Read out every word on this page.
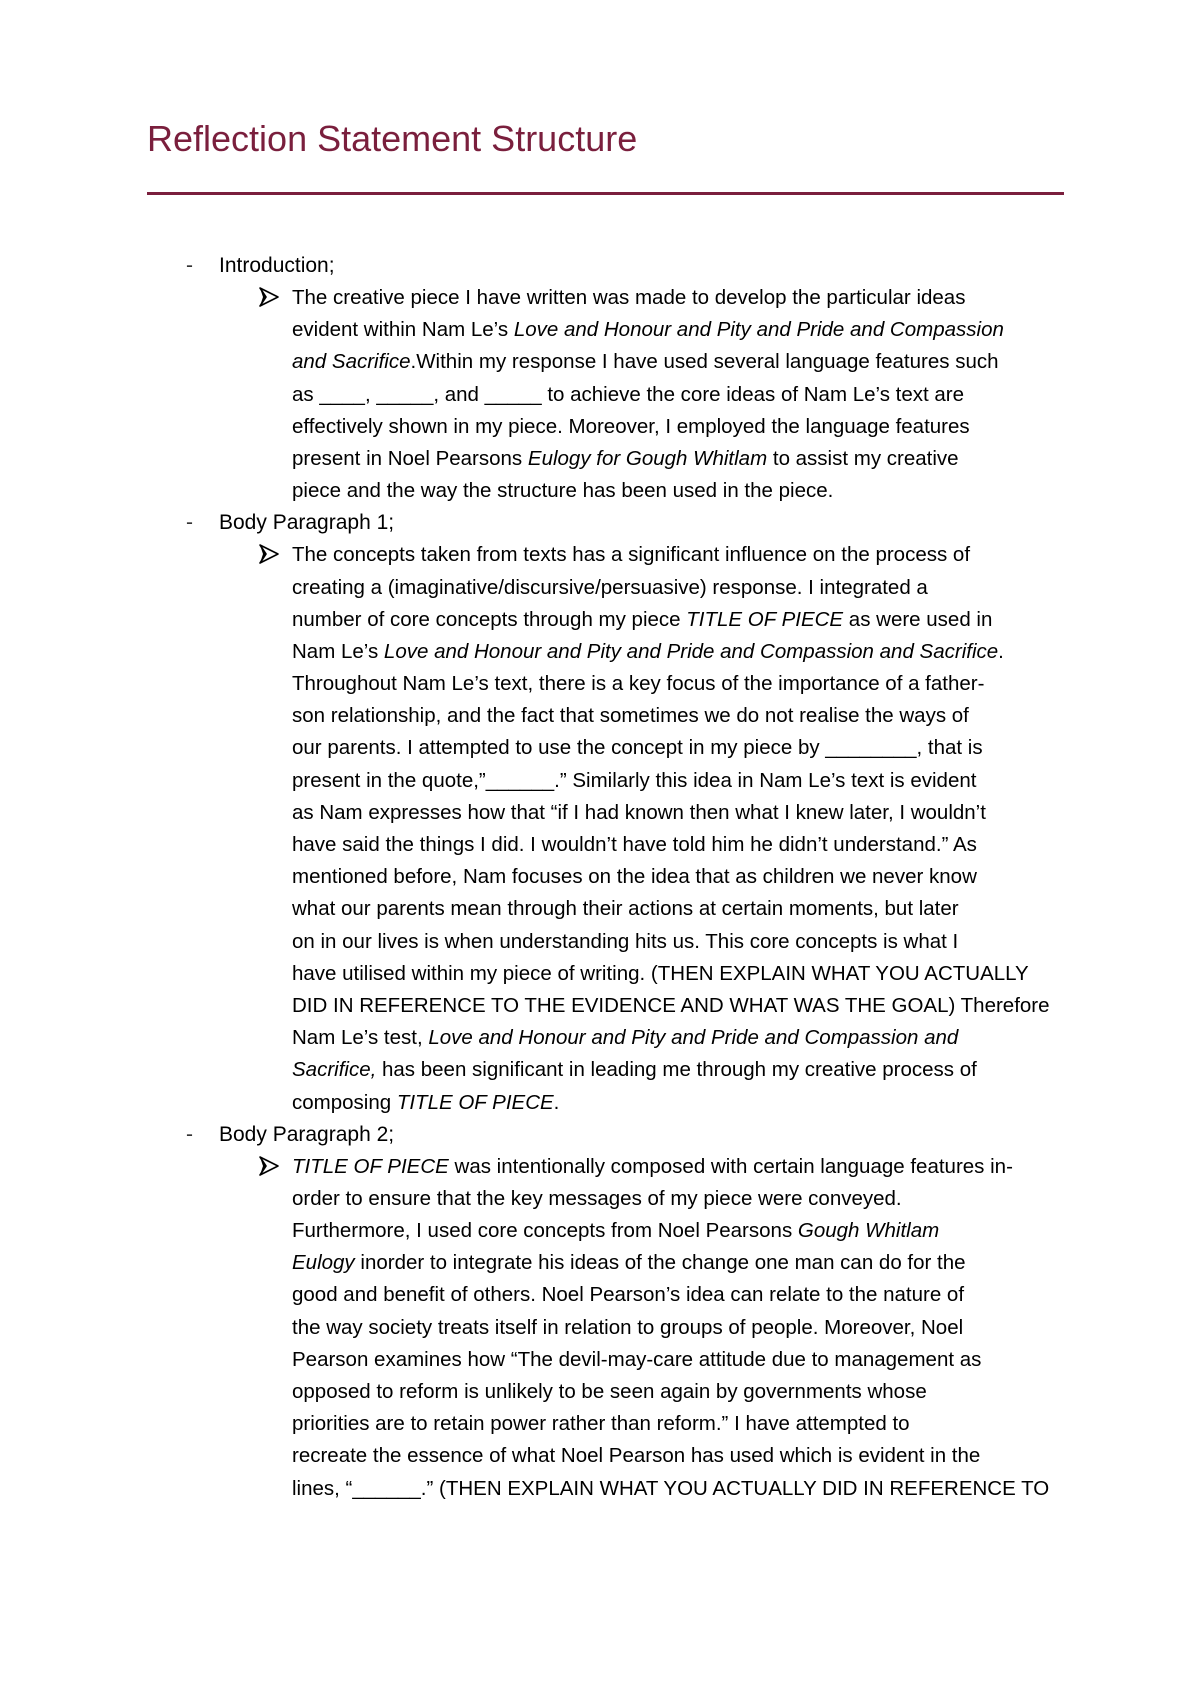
Reflection Statement Structure
- Introduction;
The creative piece I have written was made to develop the particular ideas
evident within Nam Le’s Love and Honour and Pity and Pride and Compassion
and Sacrifice.Within my response I have used several language features such
as ____, _____, and _____ to achieve the core ideas of Nam Le’s text are
effectively shown in my piece. Moreover, I employed the language features
present in Noel Pearsons Eulogy for Gough Whitlam to assist my creative
piece and the way the structure has been used in the piece.
- Body Paragraph 1;
The concepts taken from texts has a significant influence on the process of
creating a (imaginative/discursive/persuasive) response. I integrated a
number of core concepts through my piece TITLE OF PIECE as were used in
Nam Le’s Love and Honour and Pity and Pride and Compassion and Sacrifice.
Throughout Nam Le’s text, there is a key focus of the importance of a father-
son relationship, and the fact that sometimes we do not realise the ways of
our parents. I attempted to use the concept in my piece by ________, that is
present in the quote,”______.” Similarly this idea in Nam Le’s text is evident
as Nam expresses how that “if I had known then what I knew later, I wouldn’t
have said the things I did. I wouldn’t have told him he didn’t understand.” As
mentioned before, Nam focuses on the idea that as children we never know
what our parents mean through their actions at certain moments, but later
on in our lives is when understanding hits us. This core concepts is what I
have utilised within my piece of writing. (THEN EXPLAIN WHAT YOU ACTUALLY
DID IN REFERENCE TO THE EVIDENCE AND WHAT WAS THE GOAL) Therefore
Nam Le’s test, Love and Honour and Pity and Pride and Compassion and
Sacrifice, has been significant in leading me through my creative process of
composing TITLE OF PIECE.
- Body Paragraph 2;
TITLE OF PIECE was intentionally composed with certain language features in-
order to ensure that the key messages of my piece were conveyed.
Furthermore, I used core concepts from Noel Pearsons Gough Whitlam
Eulogy inorder to integrate his ideas of the change one man can do for the
good and benefit of others. Noel Pearson’s idea can relate to the nature of
the way society treats itself in relation to groups of people. Moreover, Noel
Pearson examines how “The devil-may-care attitude due to management as
opposed to reform is unlikely to be seen again by governments whose
priorities are to retain power rather than reform.” I have attempted to
recreate the essence of what Noel Pearson has used which is evident in the
lines, “______.” (THEN EXPLAIN WHAT YOU ACTUALLY DID IN REFERENCE TO
